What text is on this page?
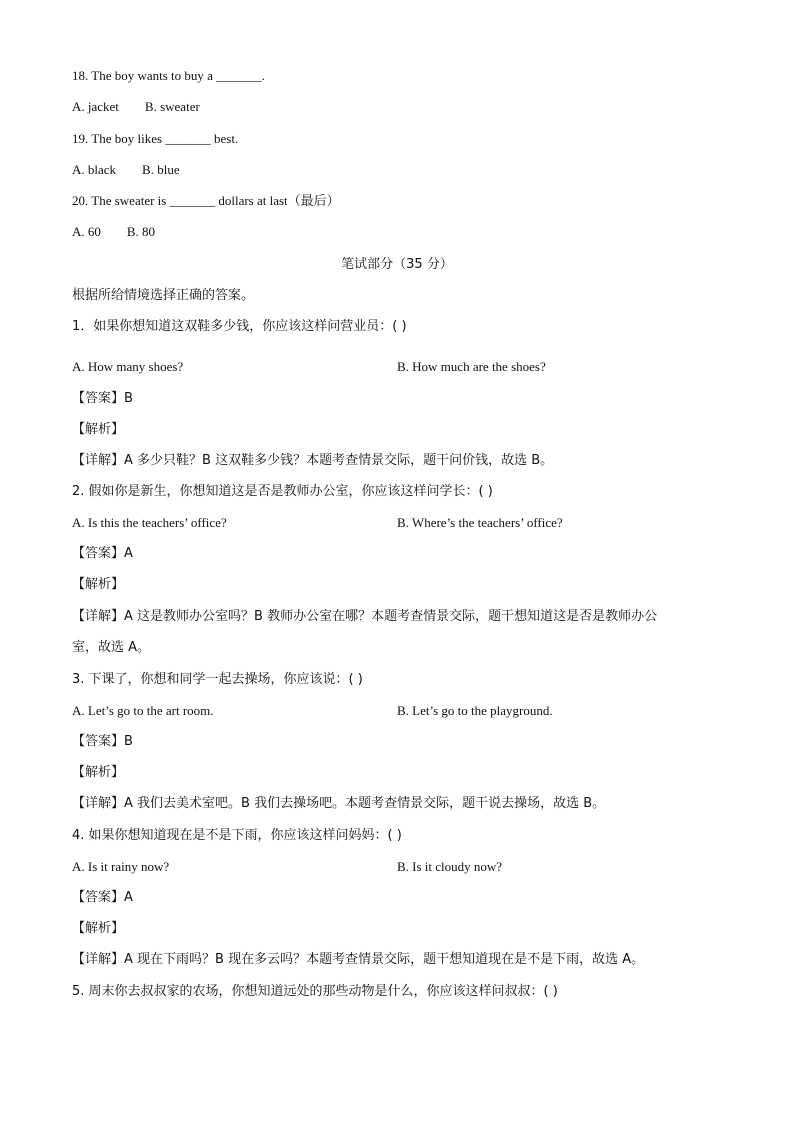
18. The boy wants to buy a _______.
A. jacket B. sweater
19. The boy likes _______ best.
A. black B. blue
20. The sweater is _______ dollars at last（最后）
A. 60 B. 80
笔试部分（35 分）
根据所给情境选择正确的答案。
1．如果你想知道这双鞋多少钱，你应该这样问营业员：( )
A. How many shoes?	B. How much are the shoes?
【答案】B
【解析】
【详解】A 多少只鞋？B 这双鞋多少钱？本题考查情景交际，题干问价钱，故选 B。
2. 假如你是新生，你想知道这是否是教师办公室，你应该这样问学长：( )
A. Is this the teachers’ office?	B. Where’s the teachers’ office?
【答案】A
【解析】
【详解】A 这是教师办公室吗？B 教师办公室在哪？本题考查情景交际，题干想知道这是否是教师办公
室，故选 A。
3. 下课了，你想和同学一起去操场，你应该说：( )
A. Let’s go to the art room.	B. Let’s go to the playground.
【答案】B
【解析】
【详解】A 我们去美术室吧。B 我们去操场吧。本题考查情景交际，题干说去操场，故选 B。
4. 如果你想知道现在是不是下雨，你应该这样问妈妈：( )
A. Is it rainy now?	B. Is it cloudy now?
【答案】A
【解析】
【详解】A 现在下雨吗？B 现在多云吗？本题考查情景交际，题干想知道现在是不是下雨，故选 A。
5. 周末你去叔叔家的农场，你想知道远处的那些动物是什么，你应该这样问叔叔：( )
